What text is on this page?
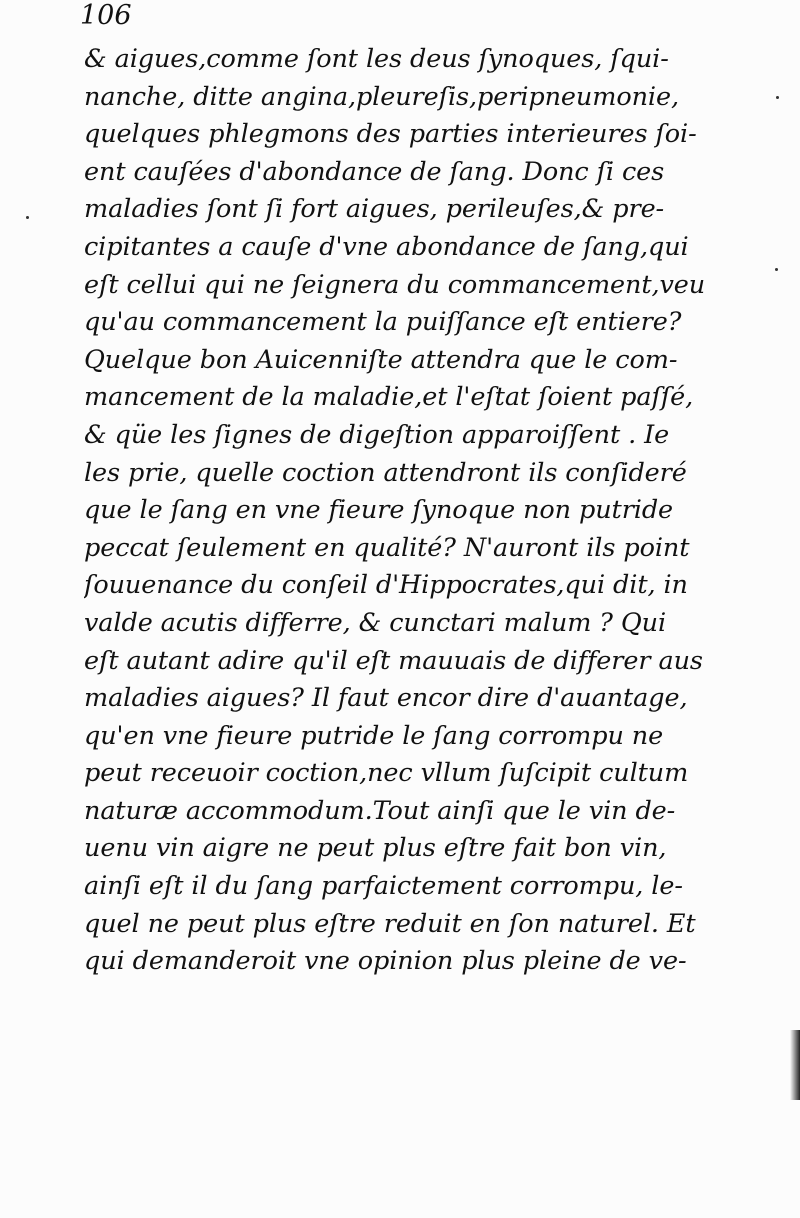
106
& aigues,comme ſont les deus ſynoques, ſqui-
nanche, ditte angina,pleureſis,peripneumonie,
quelques phlegmons des parties interieures ſoi-
ent cauſées d'abondance de ſang. Donc ſi ces
maladies ſont ſi fort aigues, perileuſes,& pre-
cipitantes a cauſe d'vne abondance de ſang,qui
eſt cellui qui ne ſeignera du commancement,veu
qu'au commancement la puiſſance eſt entiere?
Quelque bon Auicenniſte attendra que le com-
mancement de la maladie,et l'eſtat ſoient paſſé,
& qüe les ſignes de digeſtion apparoiſſent . Ie
les prie, quelle coction attendront ils conſideré
que le ſang en vne fieure ſynoque non putride
peccat ſeulement en qualité? N'auront ils point
ſouuenance du conſeil d'Hippocrates,qui dit, in
valde acutis differre, & cunctari malum ? Qui
eſt autant adire qu'il eſt mauuais de differer aus
maladies aigues? Il faut encor dire d'auantage,
qu'en vne fieure putride le ſang corrompu ne
peut receuoir coction,nec vllum ſuſcipit cultum
naturæ accommodum.Tout ainſi que le vin de-
uenu vin aigre ne peut plus eſtre fait bon vin,
ainſi eſt il du ſang parfaictement corrompu, le-
quel ne peut plus eſtre reduit en ſon naturel. Et
qui demanderoit vne opinion plus pleine de ve-
